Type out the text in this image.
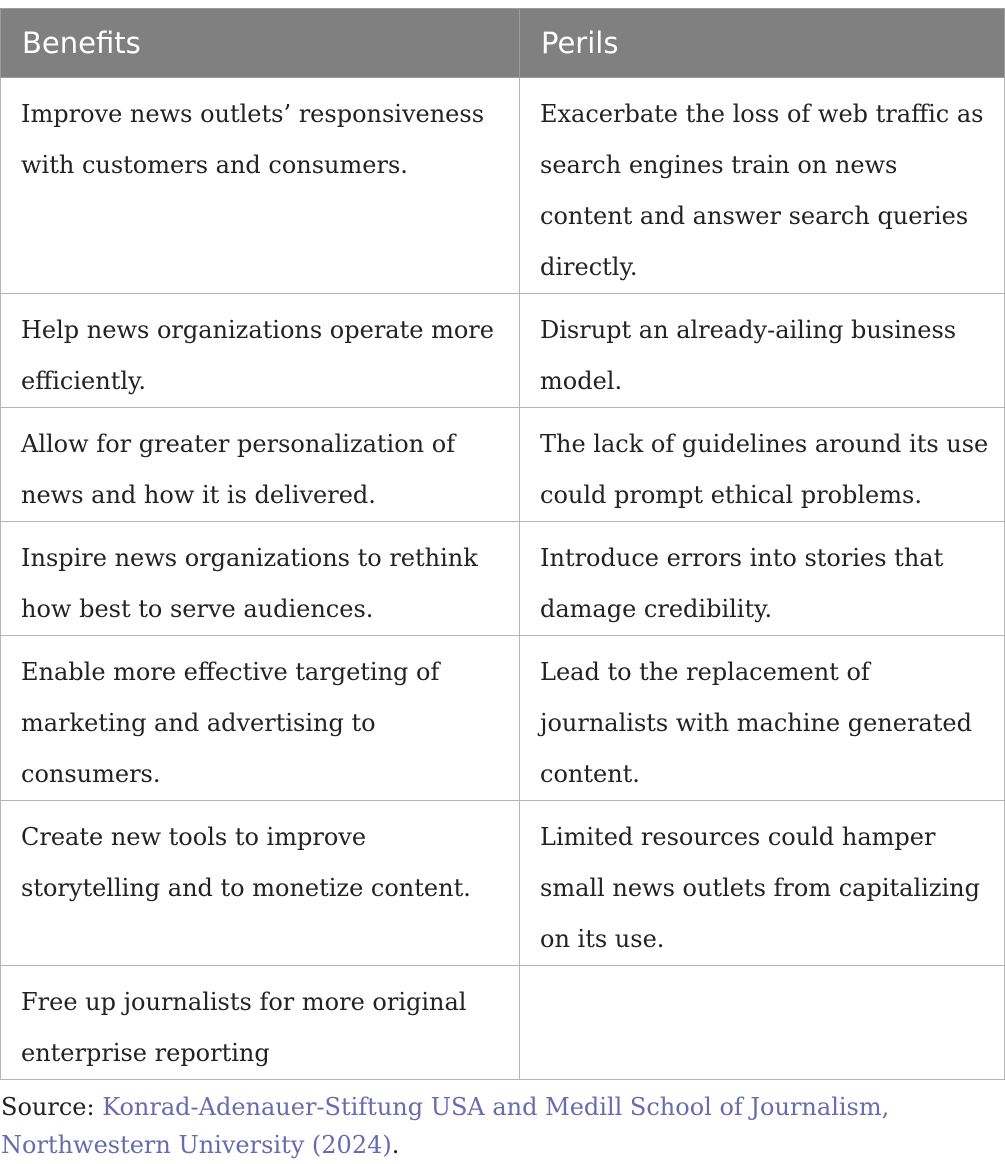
Benefits	Perils
Improve news outlets’ responsiveness with customers and consumers.	Exacerbate the loss of web traffic as search engines train on news content and answer search queries directly.
Help news organizations operate more efficiently.	Disrupt an already-ailing business model.
Allow for greater personalization of news and how it is delivered.	The lack of guidelines around its use could prompt ethical problems.
Inspire news organizations to rethink how best to serve audiences.	Introduce errors into stories that damage credibility.
Enable more effective targeting of marketing and advertising to consumers.	Lead to the replacement of journalists with machine generated content.
Create new tools to improve storytelling and to monetize content.	Limited resources could hamper small news outlets from capitalizing on its use.
Free up journalists for more original enterprise reporting	

Source: Konrad-Adenauer-Stiftung USA and Medill School of Journalism, Northwestern University (2024).
